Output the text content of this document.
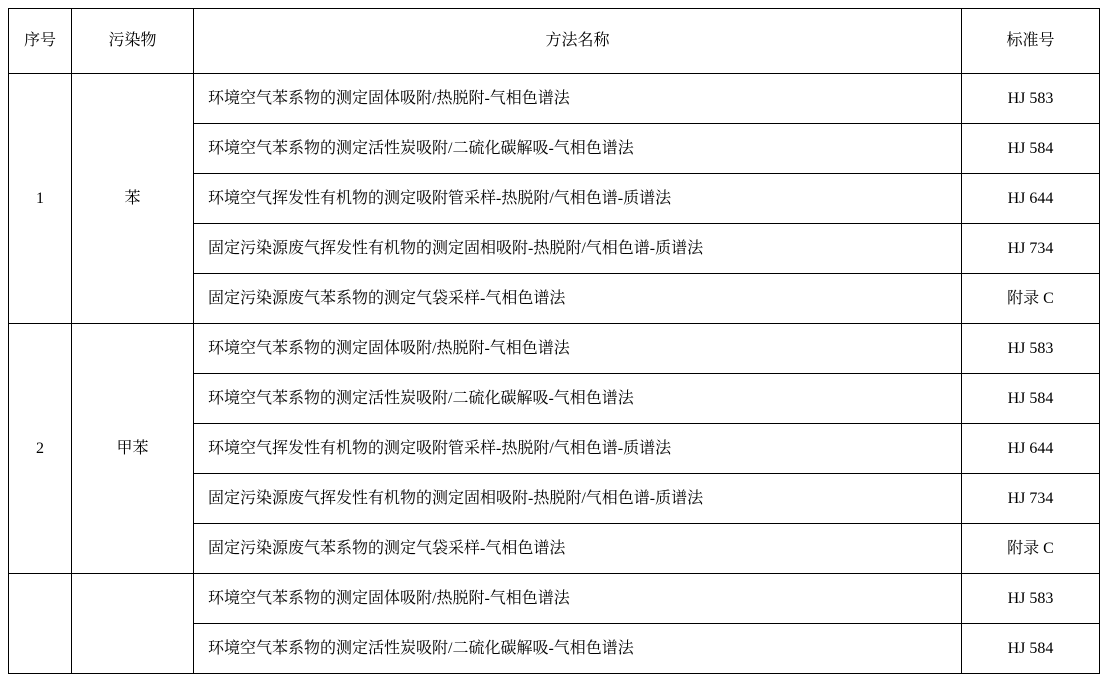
序号	污染物	方法名称	标准号
1	苯	环境空气苯系物的测定固体吸附/热脱附-气相色谱法	HJ 583
		环境空气苯系物的测定活性炭吸附/二硫化碳解吸-气相色谱法	HJ 584
		环境空气挥发性有机物的测定吸附管采样-热脱附/气相色谱-质谱法	HJ 644
		固定污染源废气挥发性有机物的测定固相吸附-热脱附/气相色谱-质谱法	HJ 734
		固定污染源废气苯系物的测定气袋采样-气相色谱法	附录 C
2	甲苯	环境空气苯系物的测定固体吸附/热脱附-气相色谱法	HJ 583
		环境空气苯系物的测定活性炭吸附/二硫化碳解吸-气相色谱法	HJ 584
		环境空气挥发性有机物的测定吸附管采样-热脱附/气相色谱-质谱法	HJ 644
		固定污染源废气挥发性有机物的测定固相吸附-热脱附/气相色谱-质谱法	HJ 734
		固定污染源废气苯系物的测定气袋采样-气相色谱法	附录 C
		环境空气苯系物的测定固体吸附/热脱附-气相色谱法	HJ 583
		环境空气苯系物的测定活性炭吸附/二硫化碳解吸-气相色谱法	HJ 584
